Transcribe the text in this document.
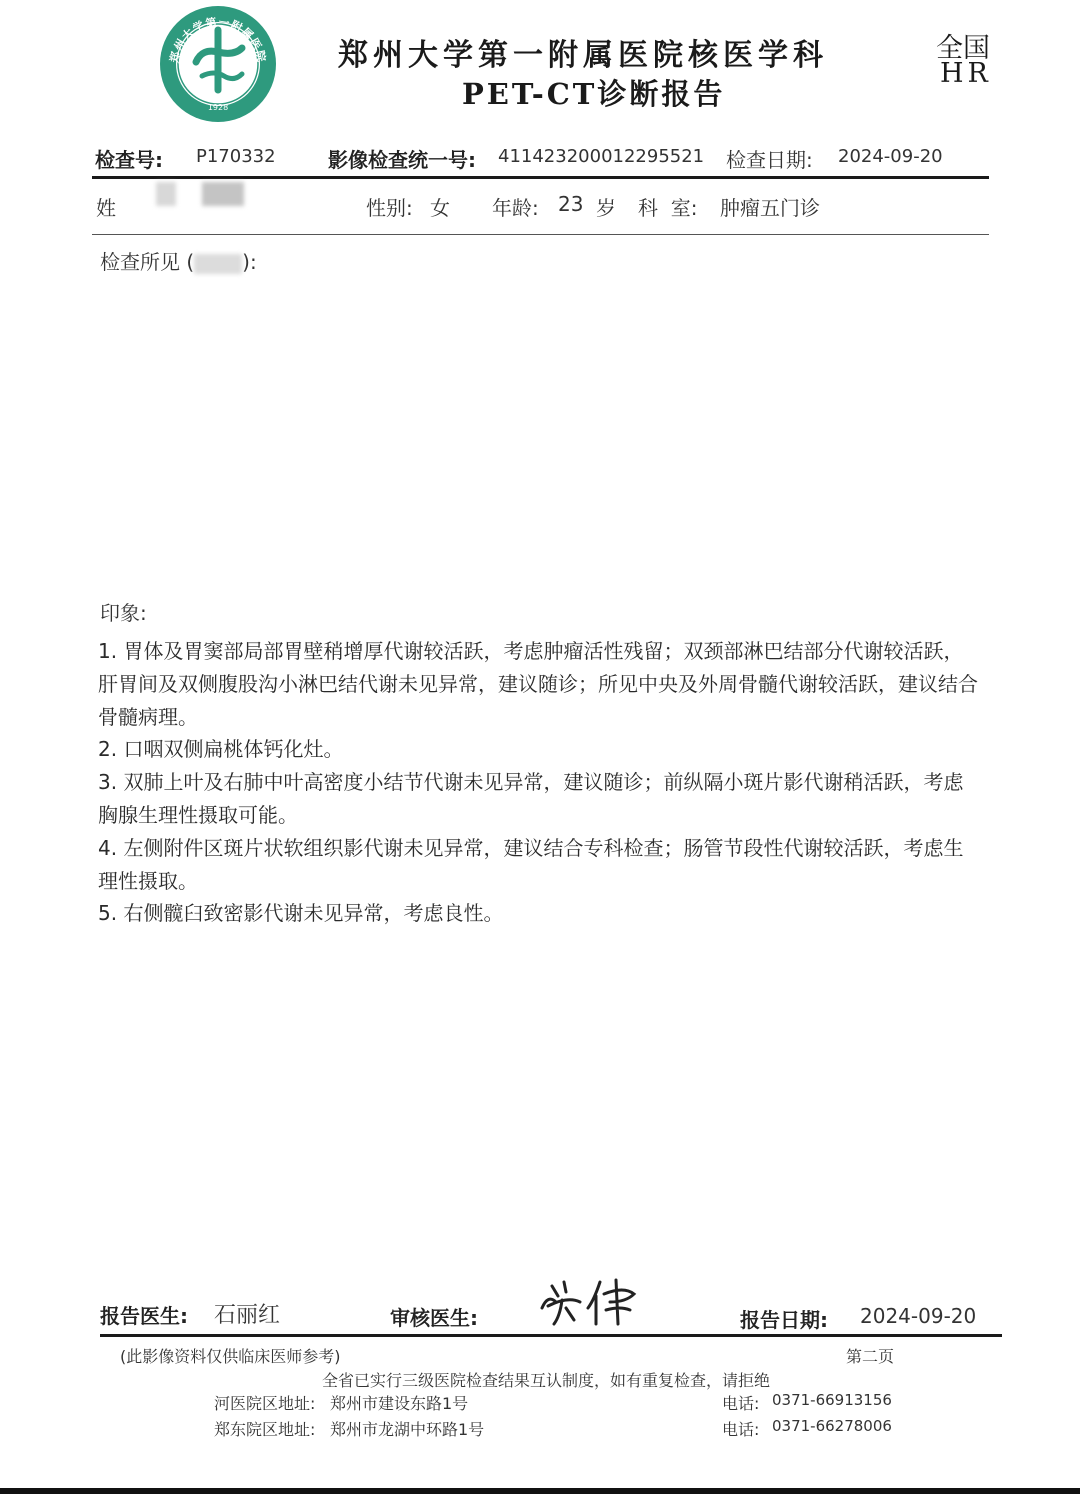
郑州大学第一附属医院
1928
郑州大学第一附属医院核医学科
PET-CT诊断报告
全国
HR
检查号: P170332	影像检查统一号: 411423200012295521 检查日期: 2024-09-20
姓	性别: 女 年龄: 23 岁 科  室: 肿瘤五门诊
检查所见 ( ):
印象:

1. 胃体及胃窦部局部胃壁稍增厚代谢较活跃，考虑肿瘤活性残留；双颈部淋巴结部分代谢较活跃，肝胃间及双侧腹股沟小淋巴结代谢未见异常，建议随诊；所见中央及外周骨髓代谢较活跃，建议结合骨髓病理。

2. 口咽双侧扁桃体钙化灶。

3. 双肺上叶及右肺中叶高密度小结节代谢未见异常，建议随诊；前纵隔小斑片影代谢稍活跃，考虑胸腺生理性摄取可能。

4. 左侧附件区斑片状软组织影代谢未见异常，建议结合专科检查；肠管节段性代谢较活跃，考虑生理性摄取。

5. 右侧髋臼致密影代谢未见异常，考虑良性。

报告医生: 石丽红	审核医生:	报告日期: 2024-09-20
(此影像资料仅供临床医师参考)	第二页
全省已实行三级医院检查结果互认制度，如有重复检查，请拒绝
河医院区地址: 郑州市建设东路1号	电话: 0371-66913156
郑东院区地址: 郑州市龙湖中环路1号	电话: 0371-66278006
